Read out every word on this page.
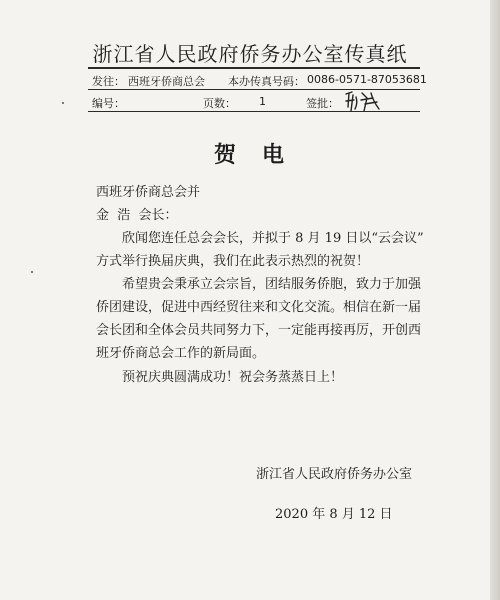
浙江省人民政府侨务办公室传真纸
发往： 西班牙侨商总会 本办传真号码： 0086-0571-87053681
编号：	页数： 1	签批：
贺电
西班牙侨商总会并
金  浩  会长：
欣闻您连任总会会长，并拟于 8 月 19 日以“云会议”
方式举行换届庆典，我们在此表示热烈的祝贺！
希望贵会秉承立会宗旨，团结服务侨胞，致力于加强
侨团建设，促进中西经贸往来和文化交流。相信在新一届
会长团和全体会员共同努力下，一定能再接再厉，开创西
班牙侨商总会工作的新局面。
预祝庆典圆满成功！祝会务蒸蒸日上！
浙江省人民政府侨务办公室
2020 年 8 月 12 日
